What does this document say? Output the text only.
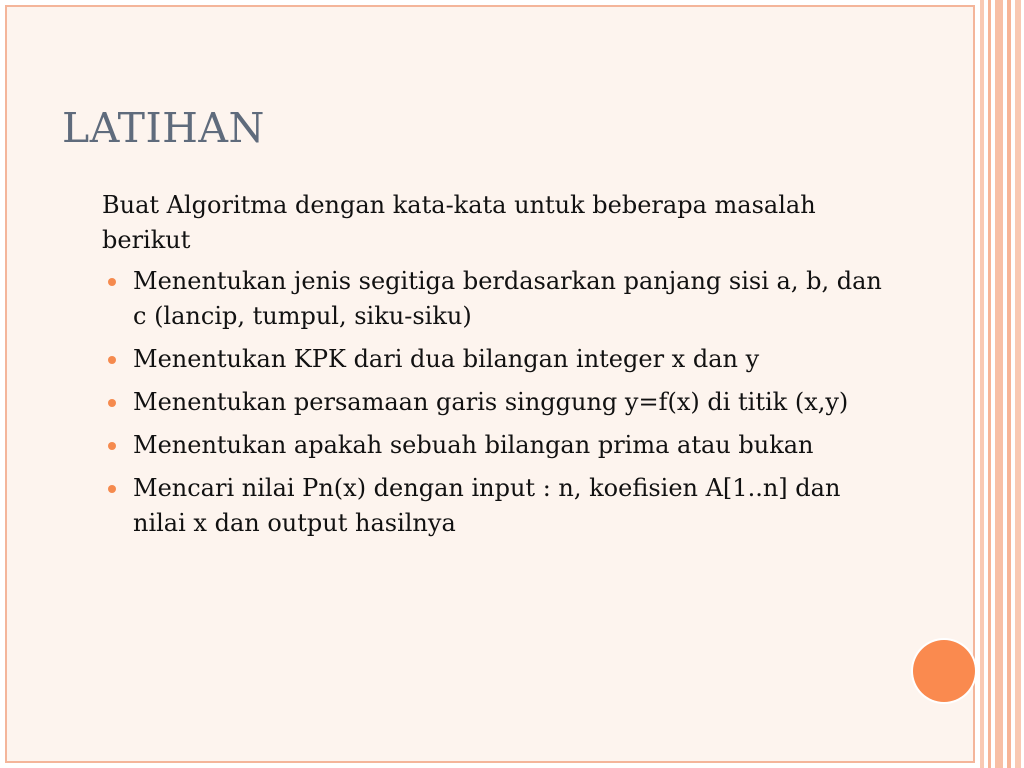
LATIHAN

Buat Algoritma dengan kata-kata untuk beberapa masalah berikut

Menentukan jenis segitiga berdasarkan panjang sisi a, b, dan c (lancip, tumpul, siku-siku)
Menentukan KPK dari dua bilangan integer x dan y
Menentukan persamaan garis singgung y=f(x) di titik (x,y)
Menentukan apakah sebuah bilangan prima atau bukan
Mencari nilai Pn(x) dengan input : n, koefisien A[1..n] dan nilai x dan output hasilnya
